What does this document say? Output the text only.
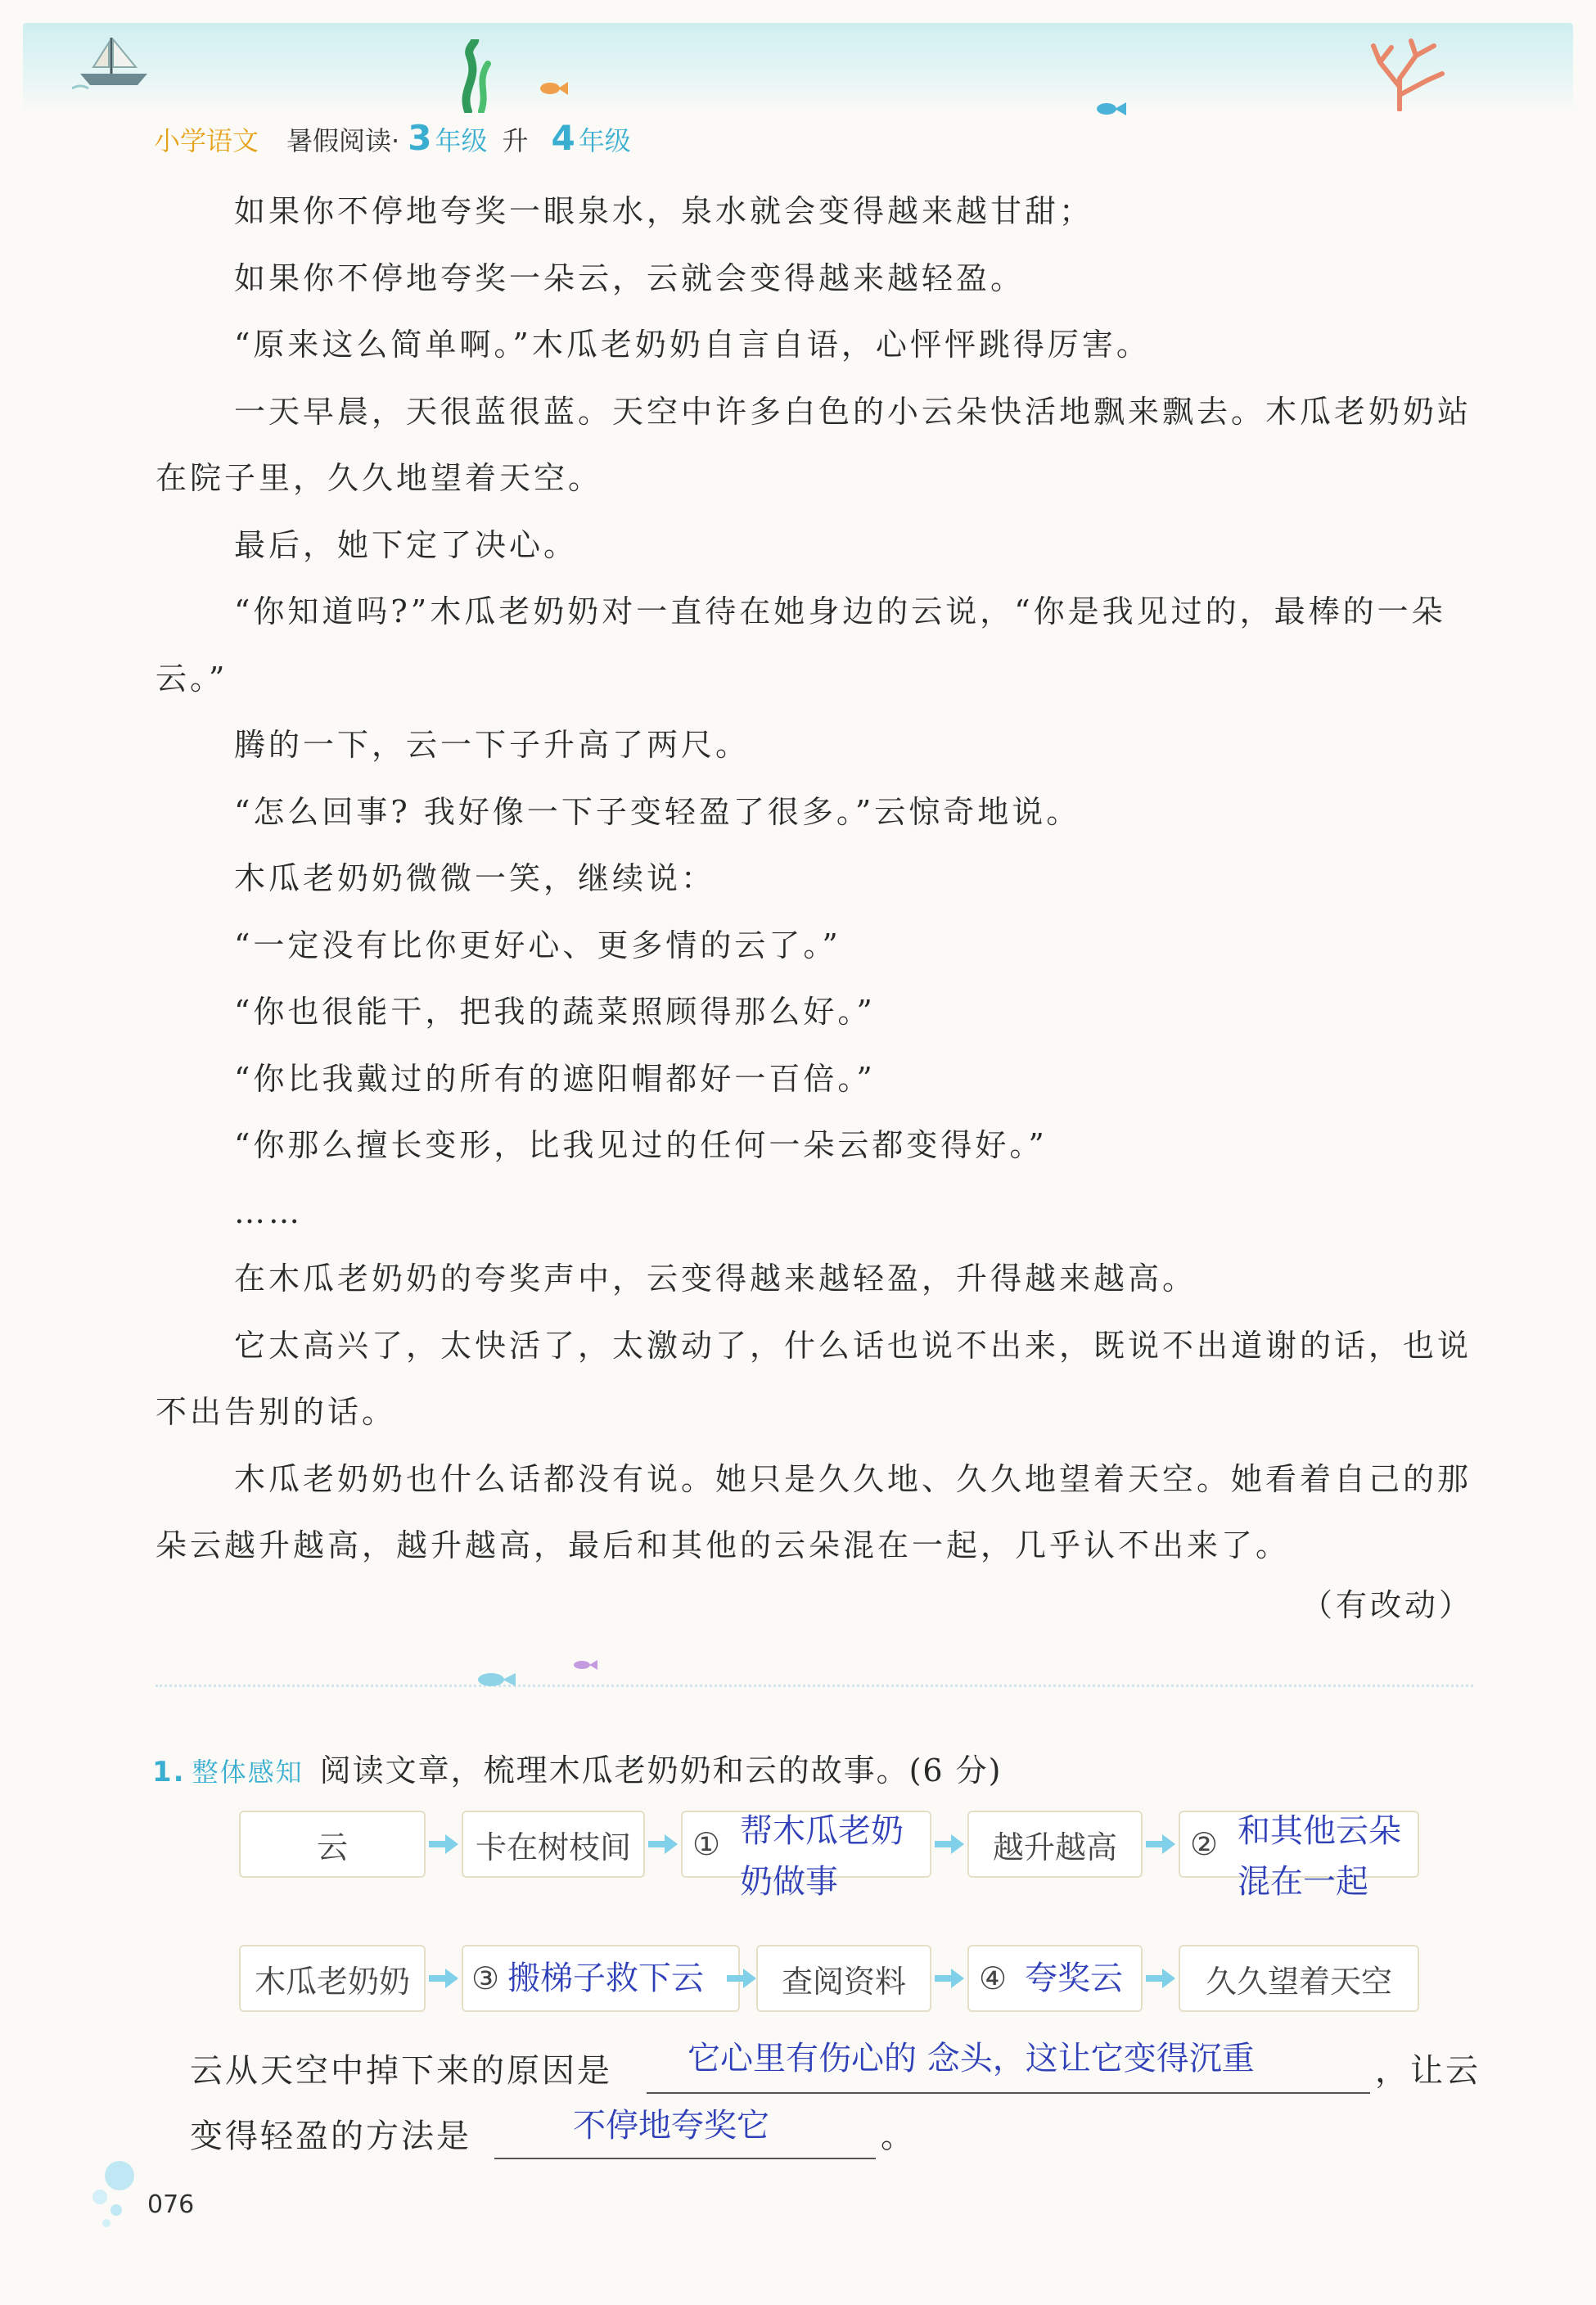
小学语文 暑假阅读 · 3 年级 升 4 年级

如果你不停地夸奖一眼泉水，泉水就会变得越来越甘甜；

如果你不停地夸奖一朵云，云就会变得越来越轻盈。

“原来这么简单啊。”木瓜老奶奶自言自语，心怦怦跳得厉害。

一天早晨，天很蓝很蓝。天空中许多白色的小云朵快活地飘来飘去。木瓜老奶奶站在院子里，久久地望着天空。

最后，她下定了决心。

“你知道吗?”木瓜老奶奶对一直待在她身边的云说，“你是我见过的，最棒的一朵云。”

腾的一下，云一下子升高了两尺。

“怎么回事? 我好像一下子变轻盈了很多。”云惊奇地说。

木瓜老奶奶微微一笑，继续说：

“一定没有比你更好心、更多情的云了。”

“你也很能干，把我的蔬菜照顾得那么好。”

“你比我戴过的所有的遮阳帽都好一百倍。”

“你那么擅长变形，比我见过的任何一朵云都变得好。”

……

在木瓜老奶奶的夸奖声中，云变得越来越轻盈，升得越来越高。

它太高兴了，太快活了，太激动了，什么话也说不出来，既说不出道谢的话，也说不出告别的话。

木瓜老奶奶也什么话都没有说。她只是久久地、久久地望着天空。她看着自己的那朵云越升越高，越升越高，最后和其他的云朵混在一起，几乎认不出来了。

（有改动）
1. 整体感知 阅读文章，梳理木瓜老奶奶和云的故事。(6 分)
云	卡在树枝间	① 帮木瓜老奶奶做事
越升越高	② 和其他云朵混在一起
木瓜老奶奶	③ 搬梯子救下云	查阅资料	④ 夸奖云	久久望着天空
云从天空中掉下来的原因是 它心里有伤心的 念头，这让它变得沉重	，让云
变得轻盈的方法是	不停地夸奖它	。
076
